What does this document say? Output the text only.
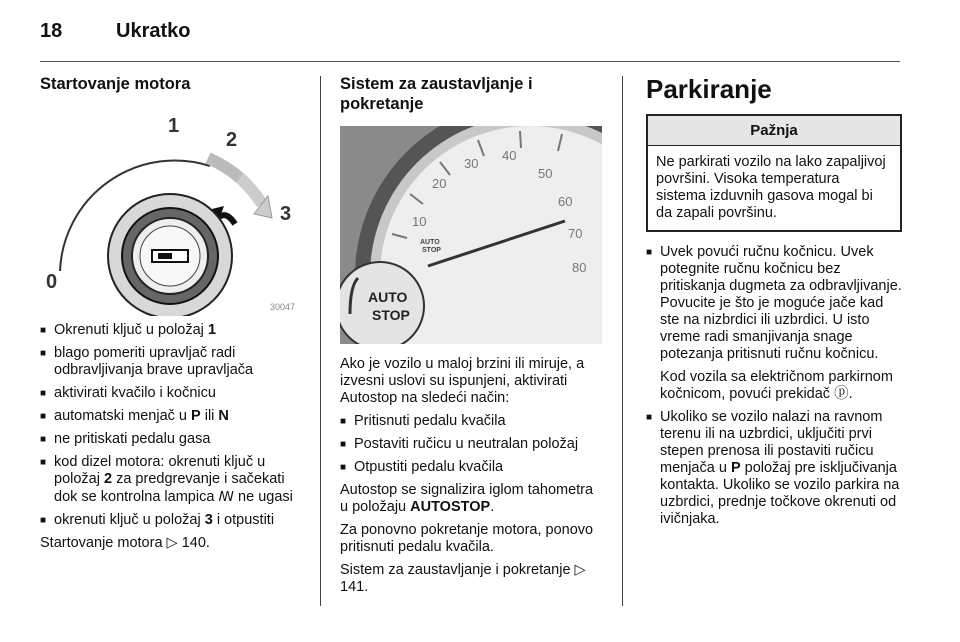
18	Ukratko
Startovanje motora
0
1
2
3
30047
■ Okrenuti ključ u položaj 1
■ blago pomeriti upravljač radi odbravljivanja brave upravljača
■ aktivirati kvačilo i kočnicu
■ automatski menjač u P ili N
■ ne pritiskati pedalu gasa
■ kod dizel motora: okrenuti ključ u položaj 2 za predgrevanje i sačekati dok se kontrolna lampica ꟿ ne ugasi
■ okrenuti ključ u položaj 3 i otpustiti

Startovanje motora ▷ 140.

Sistem za zaustavljanje i pokretanje
10
20
30
40
50
60
70
80
AUTO
STOP
AUTO
STOP

Ako je vozilo u maloj brzini ili miruje, a izvesni uslovi su ispunjeni, aktivirati Autostop na sledeći način:

■ Pritisnuti pedalu kvačila
■ Postaviti ručicu u neutralan položaj
■ Otpustiti pedalu kvačila

Autostop se signalizira iglom tahometra u položaju AUTOSTOP.

Za ponovno pokretanje motora, ponovo pritisnuti pedalu kvačila.

Sistem za zaustavljanje i pokretanje ▷ 141.

Parkiranje
Pažnja
Ne parkirati vozilo na lako zapaljivoj površini. Visoka temperatura sistema izduvnih gasova mogal bi da zapali površinu.
■ Uvek povući ručnu kočnicu. Uvek potegnite ručnu kočnicu bez pritiskanja dugmeta za odbravljivanje. Povucite je što je moguće jače kad ste na nizbrdici ili uzbrdici. U isto vreme radi smanjivanja snage potezanja pritisnuti ručnu kočnicu.
Kod vozila sa električnom parkirnom kočnicom, povući prekidač ⓟ.
■ Ukoliko se vozilo nalazi na ravnom terenu ili na uzbrdici, uključiti prvi stepen prenosa ili postaviti ručicu menjača u P položaj pre isključivanja kontakta. Ukoliko se vozilo parkira na uzbrdici, prednje točkove okrenuti od ivičnjaka.
